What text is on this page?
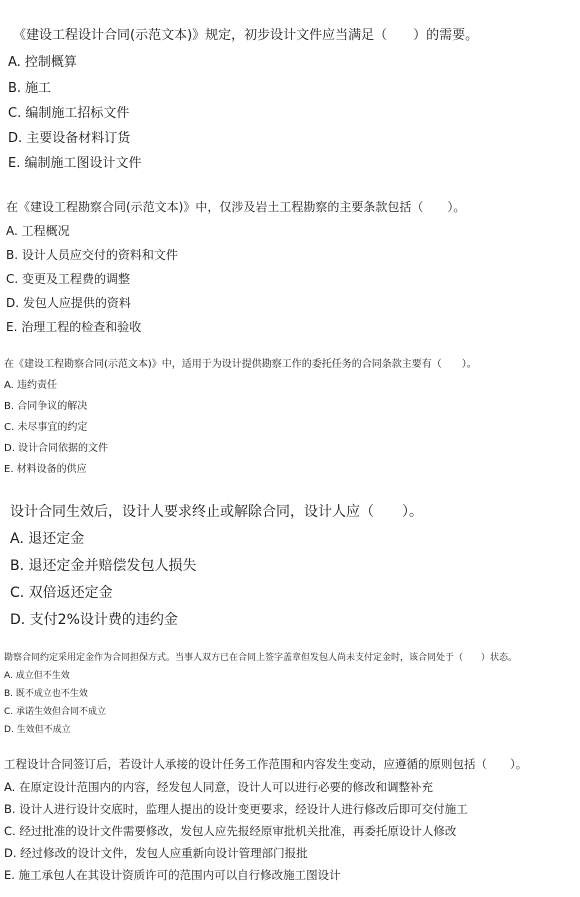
《建设工程设计合同(示范文本)》规定，初步设计文件应当满足（　　）的需要。
A. 控制概算
B. 施工
C. 编制施工招标文件
D. 主要设备材料订货
E. 编制施工图设计文件
在《建设工程勘察合同(示范文本)》中，仅涉及岩土工程勘察的主要条款包括（　　）。
A. 工程概况
B. 设计人员应交付的资料和文件
C. 变更及工程费的调整
D. 发包人应提供的资料
E. 治理工程的检查和验收
在《建设工程勘察合同(示范文本)》中，适用于为设计提供勘察工作的委托任务的合同条款主要有（　　）。
A. 违约责任
B. 合同争议的解决
C. 未尽事宜的约定
D. 设计合同依据的文件
E. 材料设备的供应
设计合同生效后，设计人要求终止或解除合同，设计人应（　　）。
A. 退还定金
B. 退还定金并赔偿发包人损失
C. 双倍返还定金
D. 支付2%设计费的违约金
勘察合同约定采用定金作为合同担保方式。当事人双方已在合同上签字盖章但发包人尚未支付定金时，该合同处于（　　）状态。
A. 成立但不生效
B. 既不成立也不生效
C. 承诺生效但合同不成立
D. 生效但不成立
工程设计合同签订后，若设计人承接的设计任务工作范围和内容发生变动，应遵循的原则包括（　　）。
A. 在原定设计范围内的内容，经发包人同意，设计人可以进行必要的修改和调整补充
B. 设计人进行设计交底时，监理人提出的设计变更要求，经设计人进行修改后即可交付施工
C. 经过批准的设计文件需要修改，发包人应先报经原审批机关批准，再委托原设计人修改
D. 经过修改的设计文件，发包人应重新向设计管理部门报批
E. 施工承包人在其设计资质许可的范围内可以自行修改施工图设计
